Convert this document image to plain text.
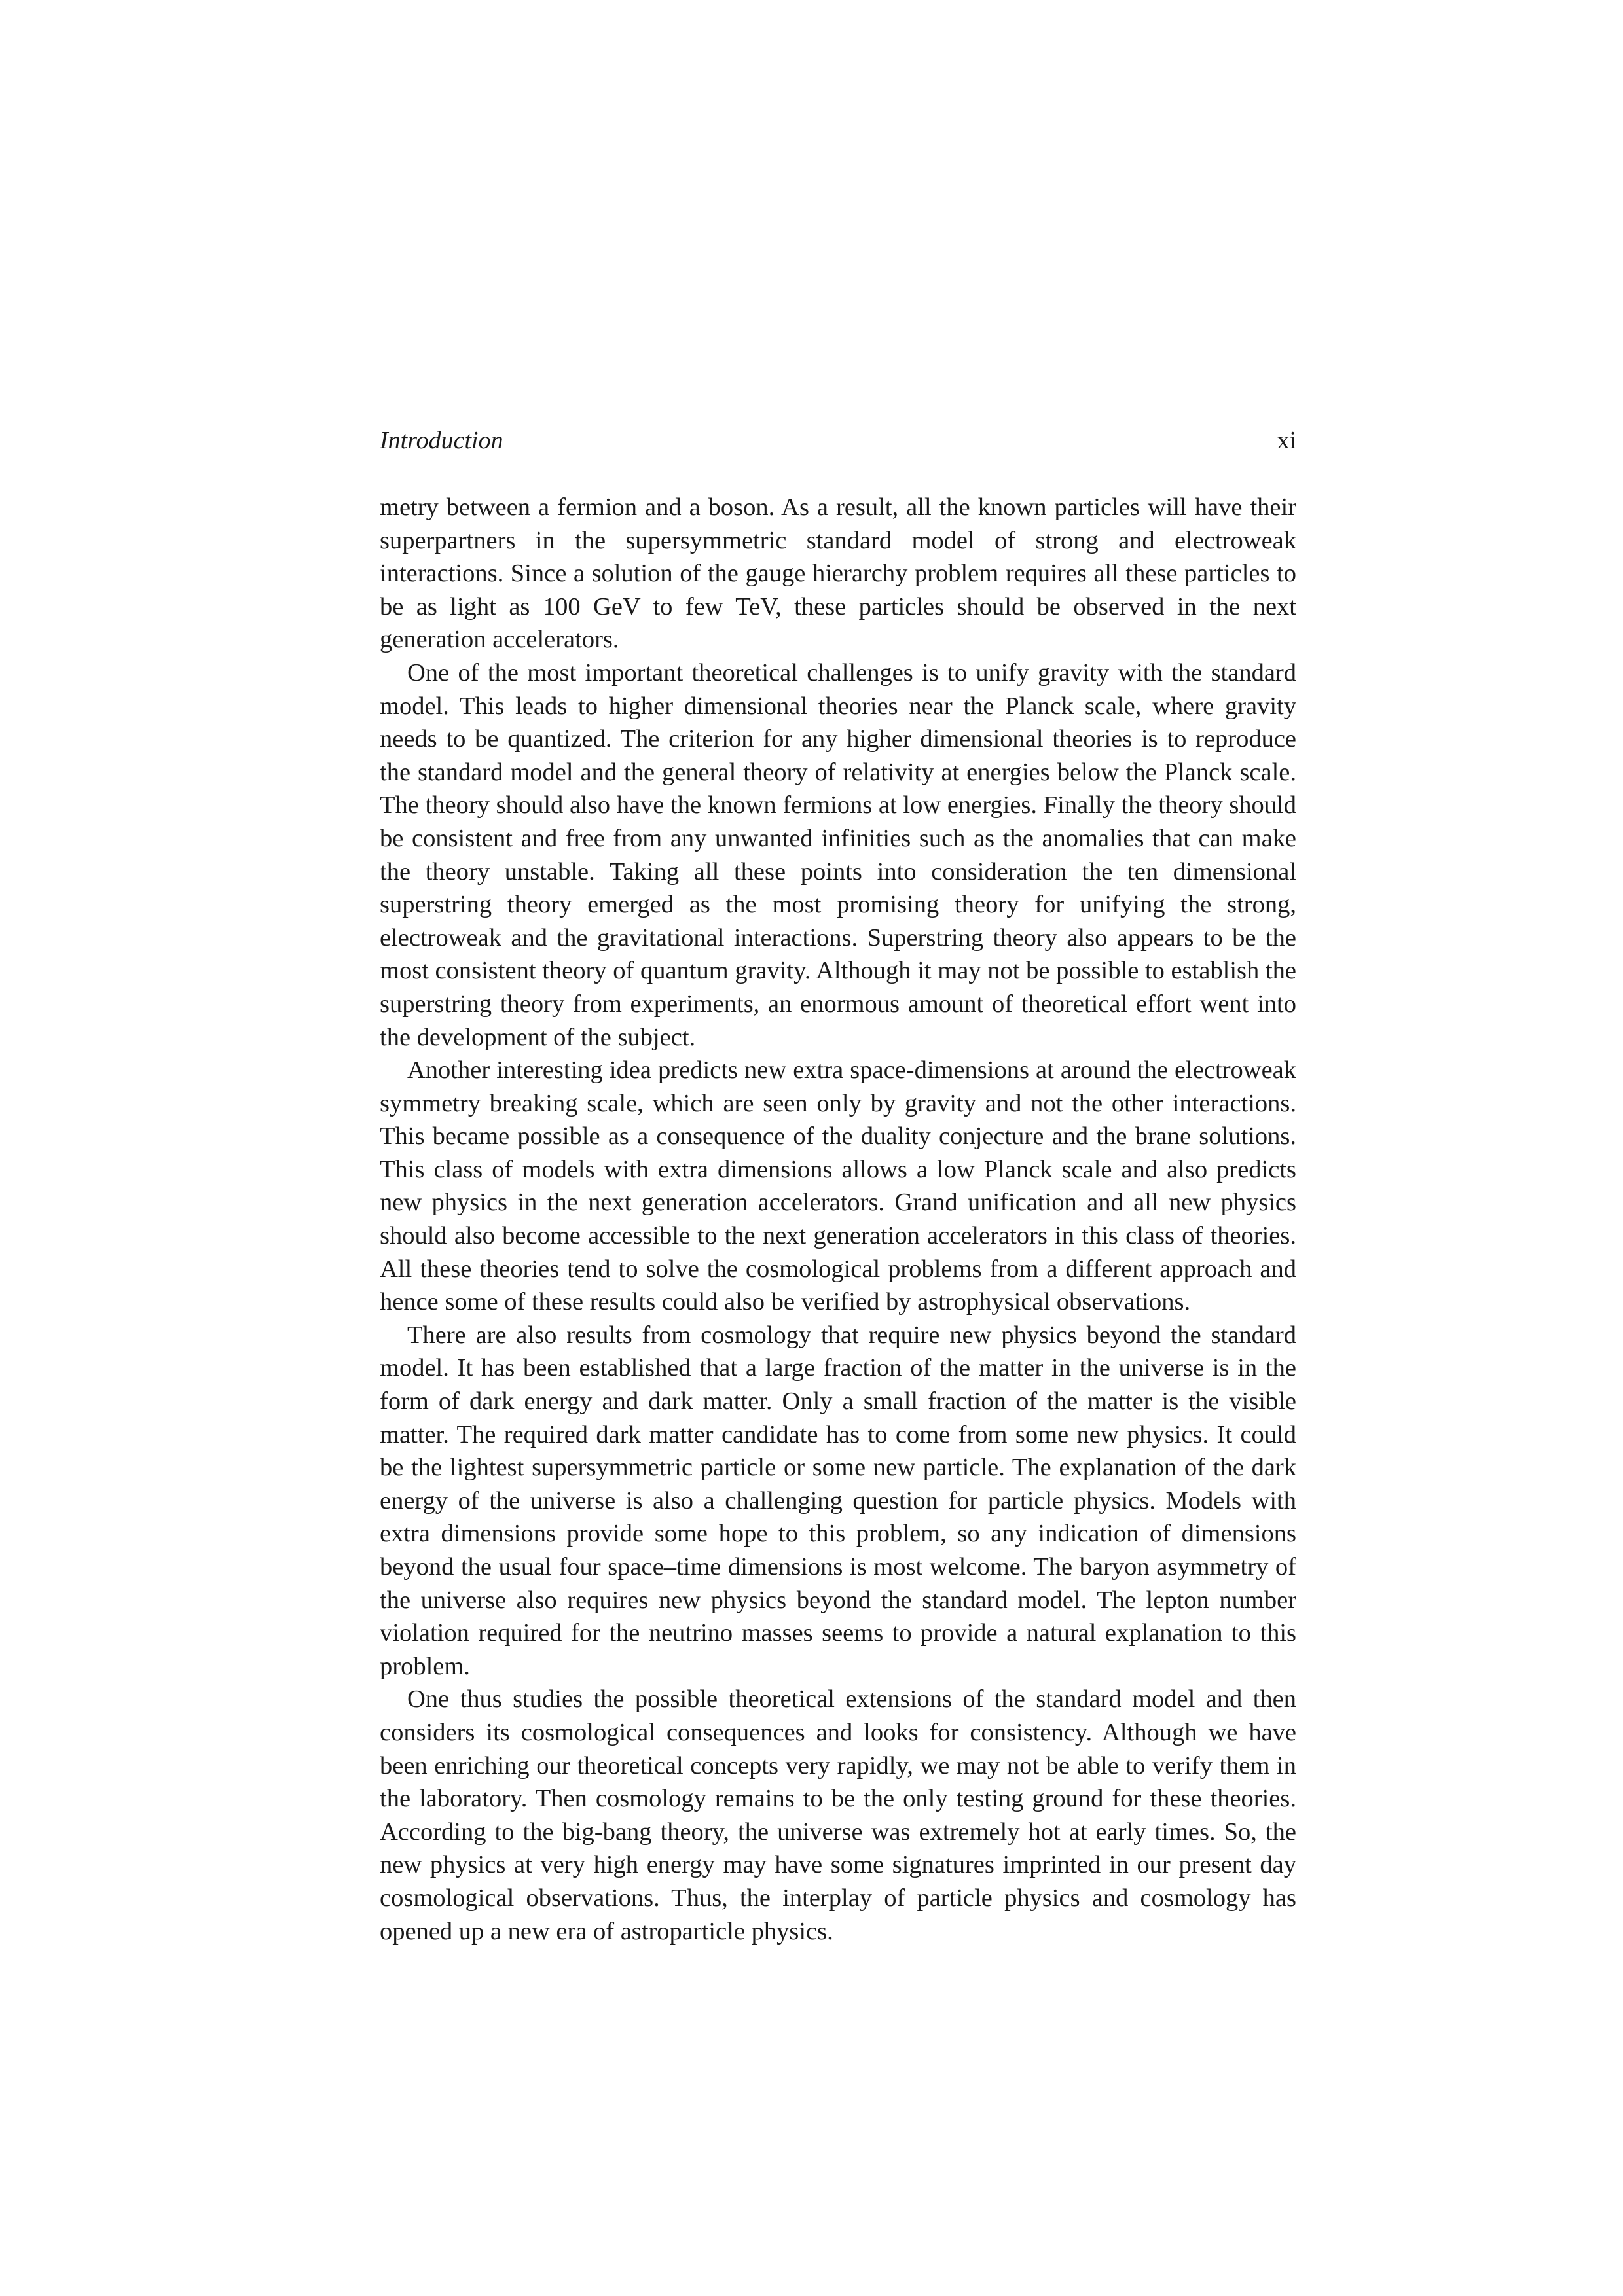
Introduction	xi

metry between a fermion and a boson. As a result, all the known particles will have their superpartners in the supersymmetric standard model of strong and electroweak interactions. Since a solution of the gauge hierarchy problem requires all these particles to be as light as 100 GeV to few TeV, these particles should be observed in the next generation accelerators.

One of the most important theoretical challenges is to unify gravity with the standard model. This leads to higher dimensional theories near the Planck scale, where gravity needs to be quantized. The criterion for any higher dimensional theories is to reproduce the standard model and the general theory of relativity at energies below the Planck scale. The theory should also have the known fermions at low energies. Finally the theory should be consistent and free from any unwanted infinities such as the anomalies that can make the theory unstable. Taking all these points into consideration the ten dimensional superstring theory emerged as the most promising theory for unifying the strong, electroweak and the gravitational interactions. Superstring theory also appears to be the most consistent theory of quantum gravity. Although it may not be possible to establish the superstring theory from experiments, an enormous amount of theoretical effort went into the development of the subject.

Another interesting idea predicts new extra space-dimensions at around the electroweak symmetry breaking scale, which are seen only by gravity and not the other interactions. This became possible as a consequence of the duality conjecture and the brane solutions. This class of models with extra dimensions allows a low Planck scale and also predicts new physics in the next generation accelerators. Grand unification and all new physics should also become accessible to the next generation accelerators in this class of theories. All these theories tend to solve the cosmological problems from a different approach and hence some of these results could also be verified by astrophysical observations.

There are also results from cosmology that require new physics beyond the standard model. It has been established that a large fraction of the matter in the universe is in the form of dark energy and dark matter. Only a small fraction of the matter is the visible matter. The required dark matter candidate has to come from some new physics. It could be the lightest supersymmetric particle or some new particle. The explanation of the dark energy of the universe is also a challenging question for particle physics. Models with extra dimensions provide some hope to this problem, so any indication of dimensions beyond the usual four space–time dimensions is most welcome. The baryon asymmetry of the universe also requires new physics beyond the standard model. The lepton number violation required for the neutrino masses seems to provide a natural explanation to this problem.

One thus studies the possible theoretical extensions of the standard model and then considers its cosmological consequences and looks for consistency. Although we have been enriching our theoretical concepts very rapidly, we may not be able to verify them in the laboratory. Then cosmology remains to be the only testing ground for these theories. According to the big-bang theory, the universe was extremely hot at early times. So, the new physics at very high energy may have some signatures imprinted in our present day cosmological observations. Thus, the interplay of particle physics and cosmology has opened up a new era of astroparticle physics.
